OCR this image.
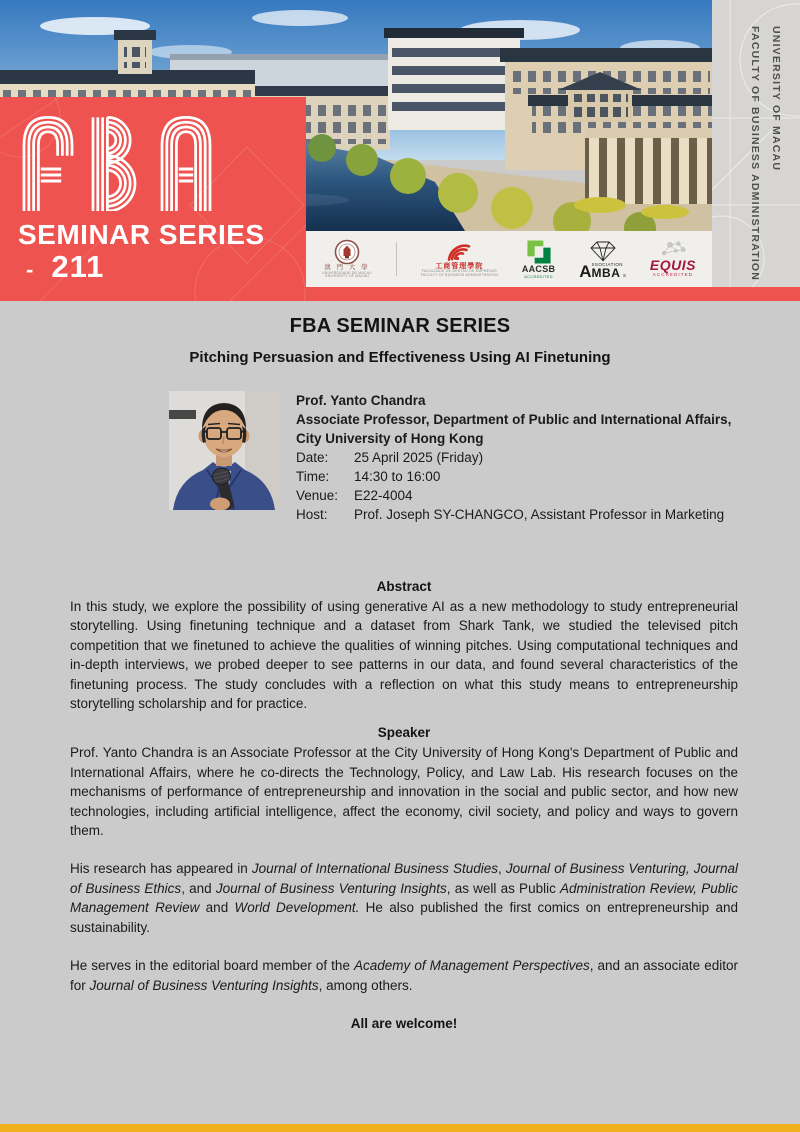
UNIVERSITY OF MACAU
FACULTY OF BUSINESS ADMINISTRATION
SEMINAR SERIES
- 211	澳 門 大 學
UNIVERSIDADE DE MACAU
UNIVERSITY OF MACAU
工商管理學院
FACULDADE DE GESTÃO DE EMPRESAS
FACULTY OF BUSINESS ADMINISTRATION
AACSB
ACCREDITED A SSOCIATION
MBA S
EQUIS
ACCREDITED
FBA SEMINAR SERIES
Pitching Persuasion and Effectiveness Using AI Finetuning
Prof. Yanto Chandra
Associate Professor, Department of Public and International Affairs,
City University of Hong Kong
Date:	25 April 2025 (Friday)
Time:	14:30 to 16:00
Venue:	E22-4004
Host:	Prof. Joseph SY-CHANGCO, Assistant Professor in Marketing
Abstract
In this study, we explore the possibility of using generative AI as a new methodology to study entrepreneurial storytelling. Using finetuning technique and a dataset from Shark Tank, we studied the televised pitch competition that we finetuned to achieve the qualities of winning pitches. Using computational techniques and in-depth interviews, we probed deeper to see patterns in our data, and found several characteristics of the finetuning process. The study concludes with a reflection on what this study means to entrepreneurship storytelling scholarship and for practice.
Speaker
Prof. Yanto Chandra is an Associate Professor at the City University of Hong Kong's Department of Public and International Affairs, where he co-directs the Technology, Policy, and Law Lab. His research focuses on the mechanisms of performance of entrepreneurship and innovation in the social and public sector, and how new technologies, including artificial intelligence, affect the economy, civil society, and policy and ways to govern them.
His research has appeared in Journal of International Business Studies, Journal of Business Venturing, Journal of Business Ethics, and Journal of Business Venturing Insights, as well as Public Administration Review, Public Management Review and World Development. He also published the first comics on entrepreneurship and sustainability.
He serves in the editorial board member of the Academy of Management Perspectives, and an associate editor for Journal of Business Venturing Insights, among others.
All are welcome!
